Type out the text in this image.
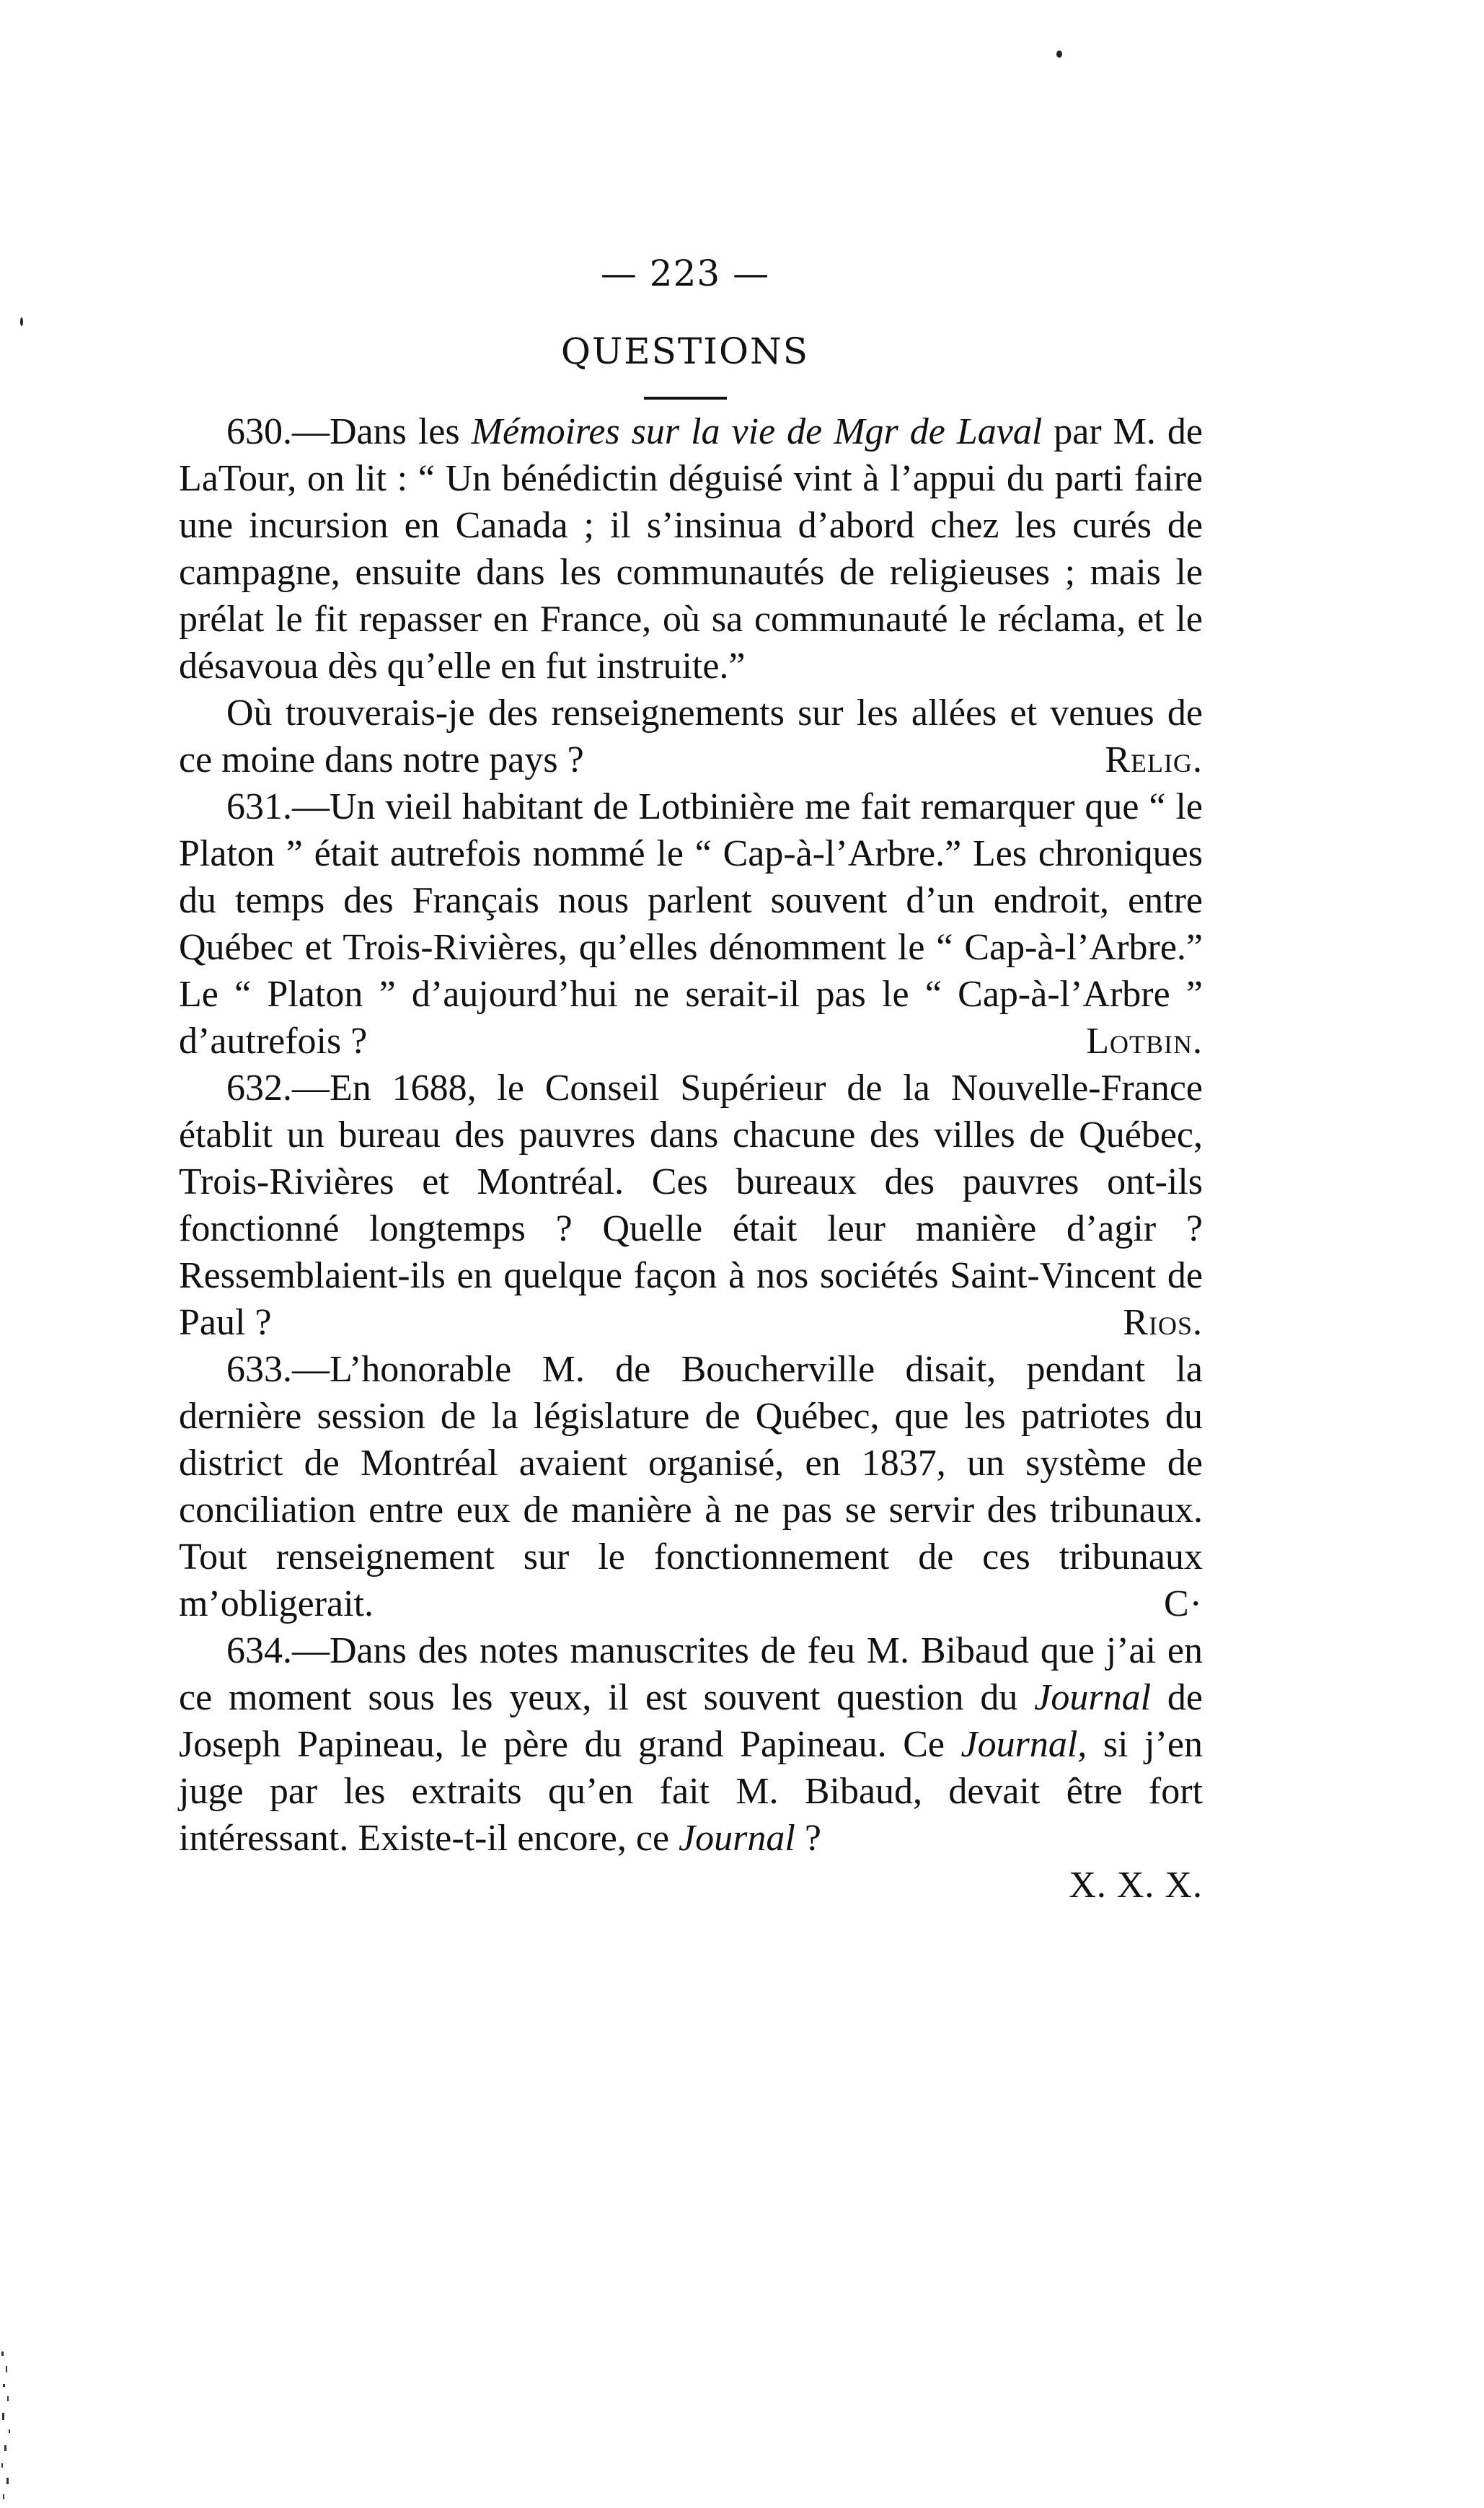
— 223 —
QUESTIONS

630.—Dans les Mémoires sur la vie de Mgr de Laval par M. de LaTour, on lit : “ Un bénédictin déguisé vint à l’appui du parti faire une incursion en Canada ; il s’insinua d’abord chez les curés de campagne, ensuite dans les communautés de religieuses ; mais le prélat le fit repasser en France, où sa communauté le réclama, et le désavoua dès qu’elle en fut instruite.”

Où trouverais-je des renseignements sur les allées et venues de ce moine dans notre pays ?	Relig.

631.—Un vieil habitant de Lotbinière me fait remarquer que “ le Platon ” était autrefois nommé le “ Cap-à-l’Arbre.” Les chroniques du temps des Français nous parlent souvent d’un endroit, entre Québec et Trois-Rivières, qu’elles dénomment le “ Cap-à-l’Arbre.” Le “ Platon ” d’aujourd’hui ne serait-il pas le “ Cap-à-l’Arbre ” d’autrefois ?	Lotbin.

632.—En 1688, le Conseil Supérieur de la Nouvelle-France établit un bureau des pauvres dans chacune des villes de Québec, Trois-Rivières et Montréal. Ces bureaux des pauvres ont-ils fonctionné longtemps ? Quelle était leur manière d’agir ? Ressemblaient-ils en quelque façon à nos sociétés Saint-Vincent de Paul ?	Rios.

633.—L’honorable M. de Boucherville disait, pendant la dernière session de la législature de Québec, que les patriotes du district de Montréal avaient organisé, en 1837, un système de conciliation entre eux de manière à ne pas se servir des tribunaux. Tout renseignement sur le fonctionnement de ces tribunaux m’obligerait.	C·

634.—Dans des notes manuscrites de feu M. Bibaud que j’ai en ce moment sous les yeux, il est souvent question du Journal de Joseph Papineau, le père du grand Papineau. Ce Journal, si j’en juge par les extraits qu’en fait M. Bibaud, devait être fort intéressant. Existe-t-il encore, ce Journal ?

X. X. X.
